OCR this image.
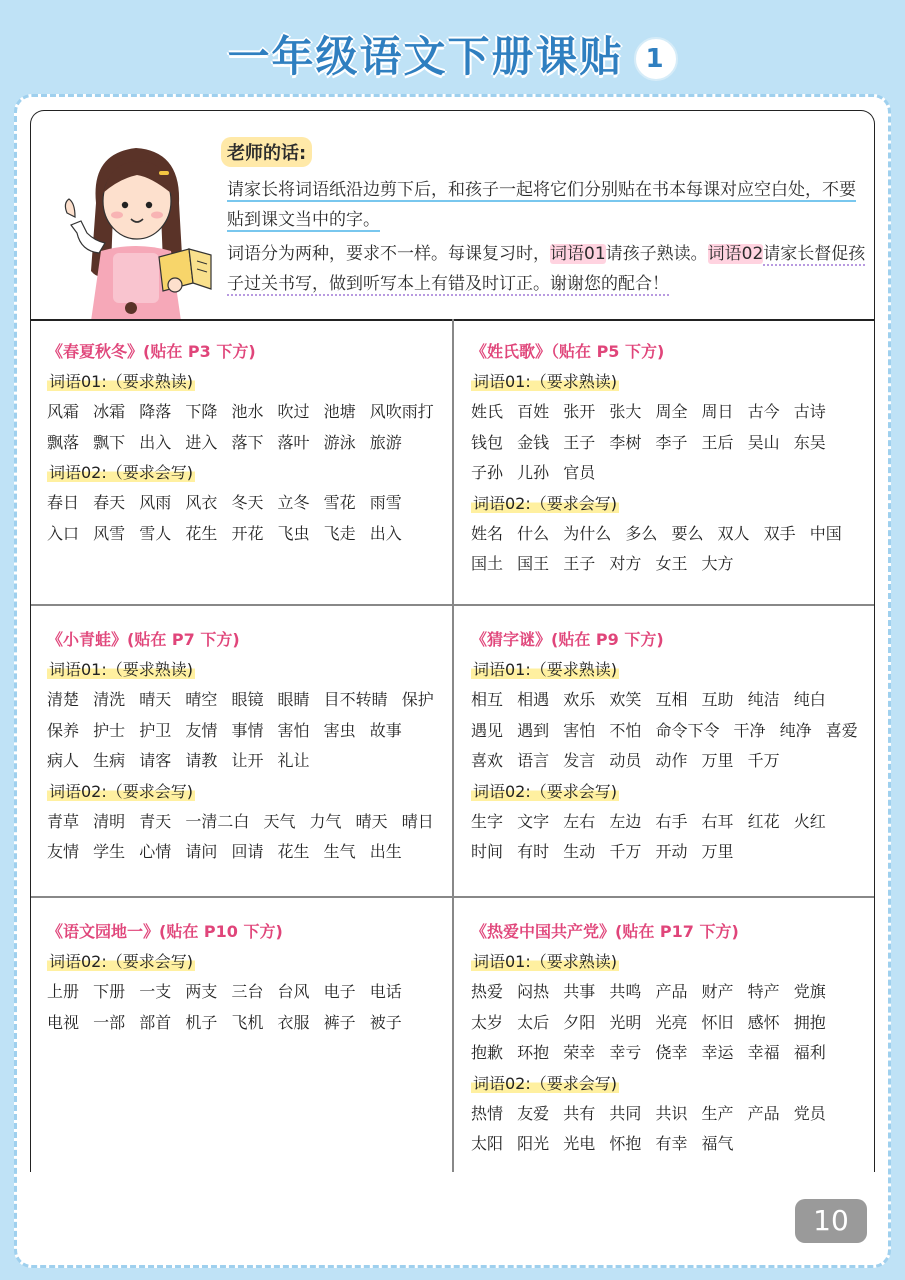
一年级语文下册课贴 1
老师的话:
请家长将词语纸沿边剪下后，和孩子一起将它们分别贴在书本每课对应空白处，不要贴到课文当中的字。
词语分为两种，要求不一样。每课复习时，词语01请孩子熟读。词语02请家长督促孩子过关书写，做到听写本上有错及时订正。谢谢您的配合！
《春夏秋冬》(贴在 P3 下方)
词语01:（要求熟读)
风霜 冰霜 降落 下降 池水 吹过 池塘 风吹雨打 飘落 飘下 出入 进入 落下 落叶 游泳 旅游
词语02:（要求会写)
春日 春天 风雨 风衣 冬天 立冬 雪花 雨雪 入口 风雪 雪人 花生 开花 飞虫 飞走 出入
《姓氏歌》（贴在 P5 下方)
词语01:（要求熟读)
姓氏 百姓 张开 张大 周全 周日 古今 古诗 钱包 金钱 王子 李树 李子 王后 吴山 东吴 子孙 儿孙 官员
词语02:（要求会写)
姓名 什么 为什么 多么 要么 双人 双手 中国 国土 国王 王子 对方 女王 大方
《小青蛙》(贴在 P7 下方)
词语01:（要求熟读)
清楚 清洗 晴天 晴空 眼镜 眼睛 目不转睛 保护 保养 护士 护卫 友情 事情 害怕 害虫 故事 病人 生病 请客 请教 让开 礼让
词语02:（要求会写)
青草 清明 青天 一清二白 天气 力气 晴天 晴日 友情 学生 心情 请问 回请 花生 生气 出生
《猜字谜》(贴在 P9 下方)
词语01:（要求熟读)
相互 相遇 欢乐 欢笑 互相 互助 纯洁 纯白 遇见 遇到 害怕 不怕 命令下令 干净 纯净 喜爱 喜欢 语言 发言 动员 动作 万里 千万
词语02:（要求会写)
生字 文字 左右 左边 右手 右耳 红花 火红 时间 有时 生动 千万 开动 万里
《语文园地一》(贴在 P10 下方)
词语02:（要求会写)
上册 下册 一支 两支 三台 台风 电子 电话 电视 一部 部首 机子 飞机 衣服 裤子 被子
《热爱中国共产党》(贴在 P17 下方)
词语01:（要求熟读)
热爱 闷热 共事 共鸣 产品 财产 特产 党旗 太岁 太后 夕阳 光明 光亮 怀旧 感怀 拥抱 抱歉 环抱 荣幸 幸亏 侥幸 幸运 幸福 福利
词语02:（要求会写)
热情 友爱 共有 共同 共识 生产 产品 党员 太阳 阳光 光电 怀抱 有幸 福气
10
